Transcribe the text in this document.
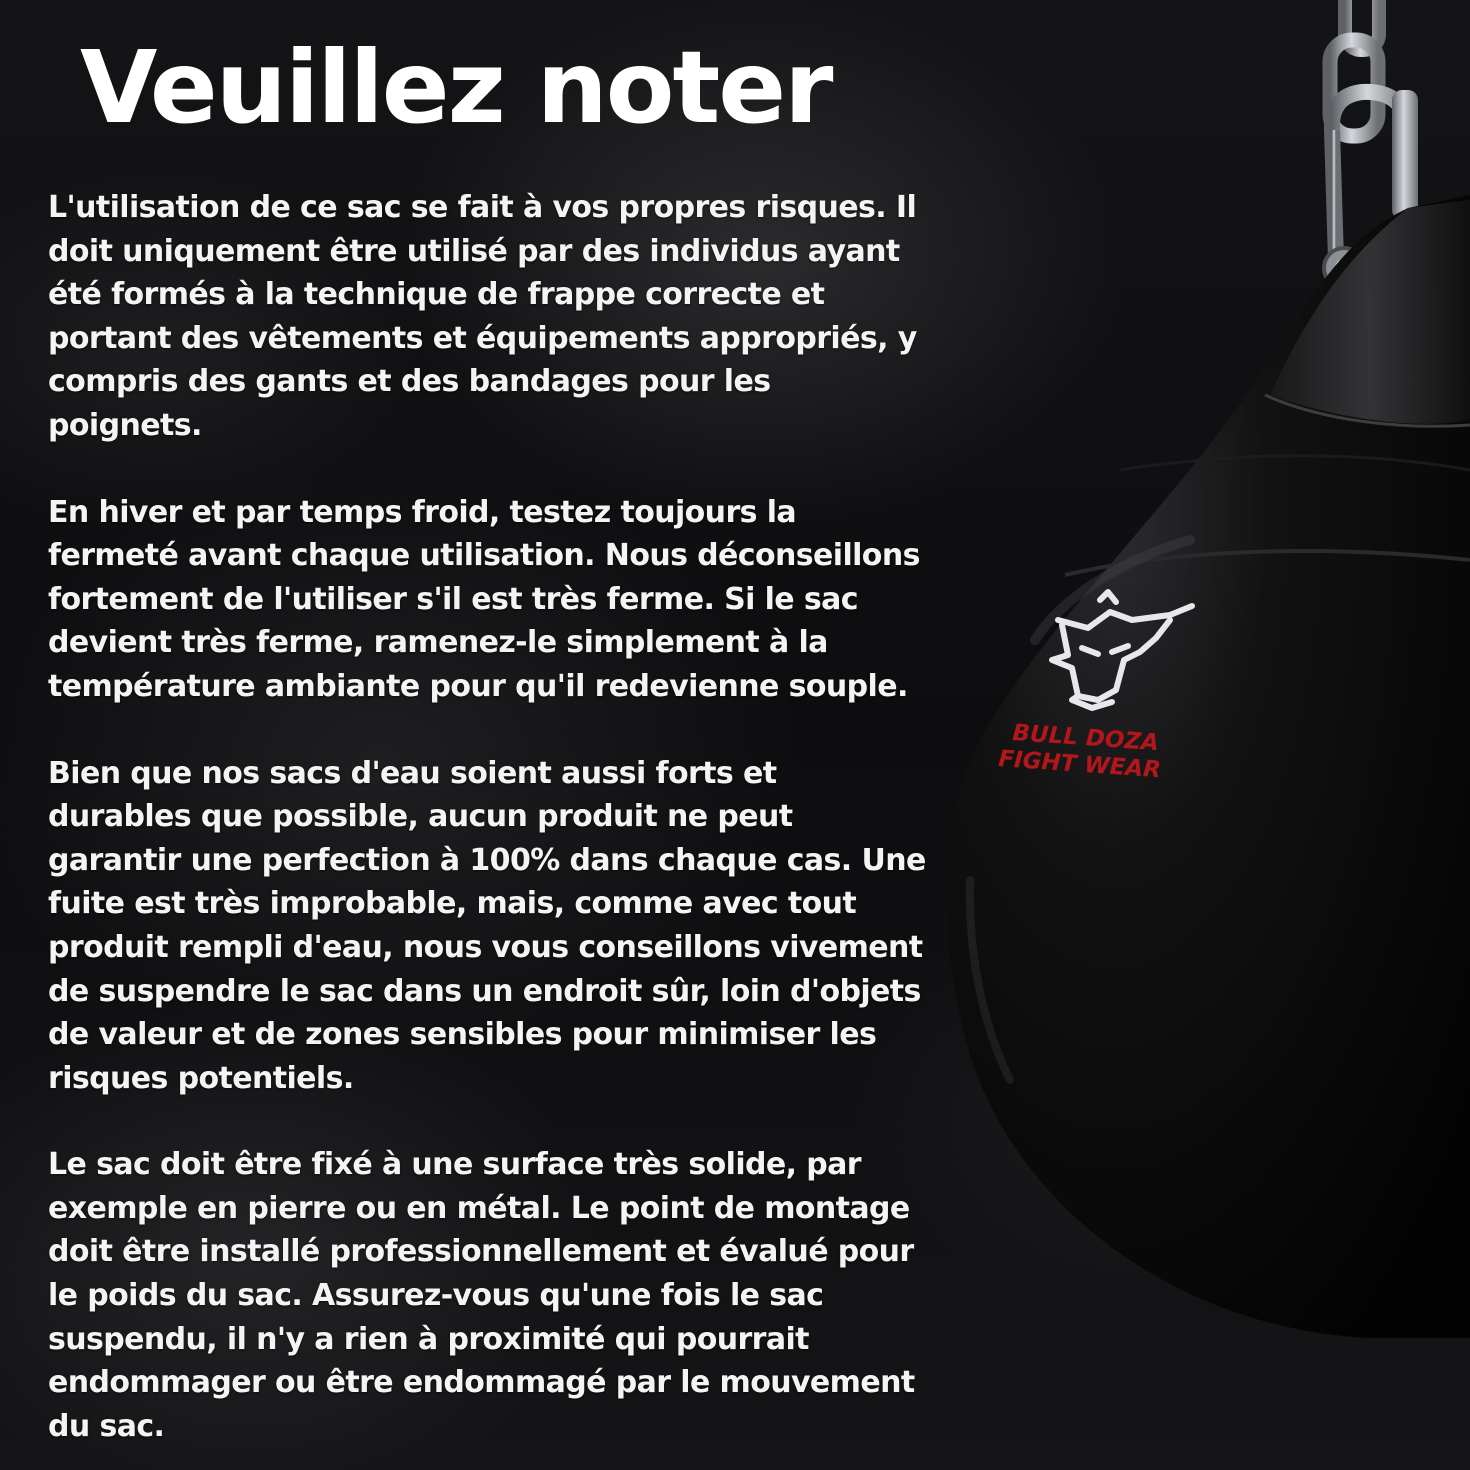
BULL DOZA
FIGHT WEAR
Veuillez noter

L'utilisation de ce sac se fait à vos propres risques. Il doit uniquement être utilisé par des individus ayant été formés à la technique de frappe correcte et portant des vêtements et équipements appropriés, y compris des gants et des bandages pour les poignets.

En hiver et par temps froid, testez toujours la fermeté avant chaque utilisation. Nous déconseillons fortement de l'utiliser s'il est très ferme. Si le sac devient très ferme, ramenez-le simplement à la température ambiante pour qu'il redevienne souple.

Bien que nos sacs d'eau soient aussi forts et durables que possible, aucun produit ne peut garantir une perfection à 100% dans chaque cas. Une fuite est très improbable, mais, comme avec tout produit rempli d'eau, nous vous conseillons vivement de suspendre le sac dans un endroit sûr, loin d'objets de valeur et de zones sensibles pour minimiser les risques potentiels.

Le sac doit être fixé à une surface très solide, par exemple en pierre ou en métal. Le point de montage doit être installé professionnellement et évalué pour le poids du sac. Assurez-vous qu'une fois le sac suspendu, il n'y a rien à proximité qui pourrait endommager ou être endommagé par le mouvement du sac.
